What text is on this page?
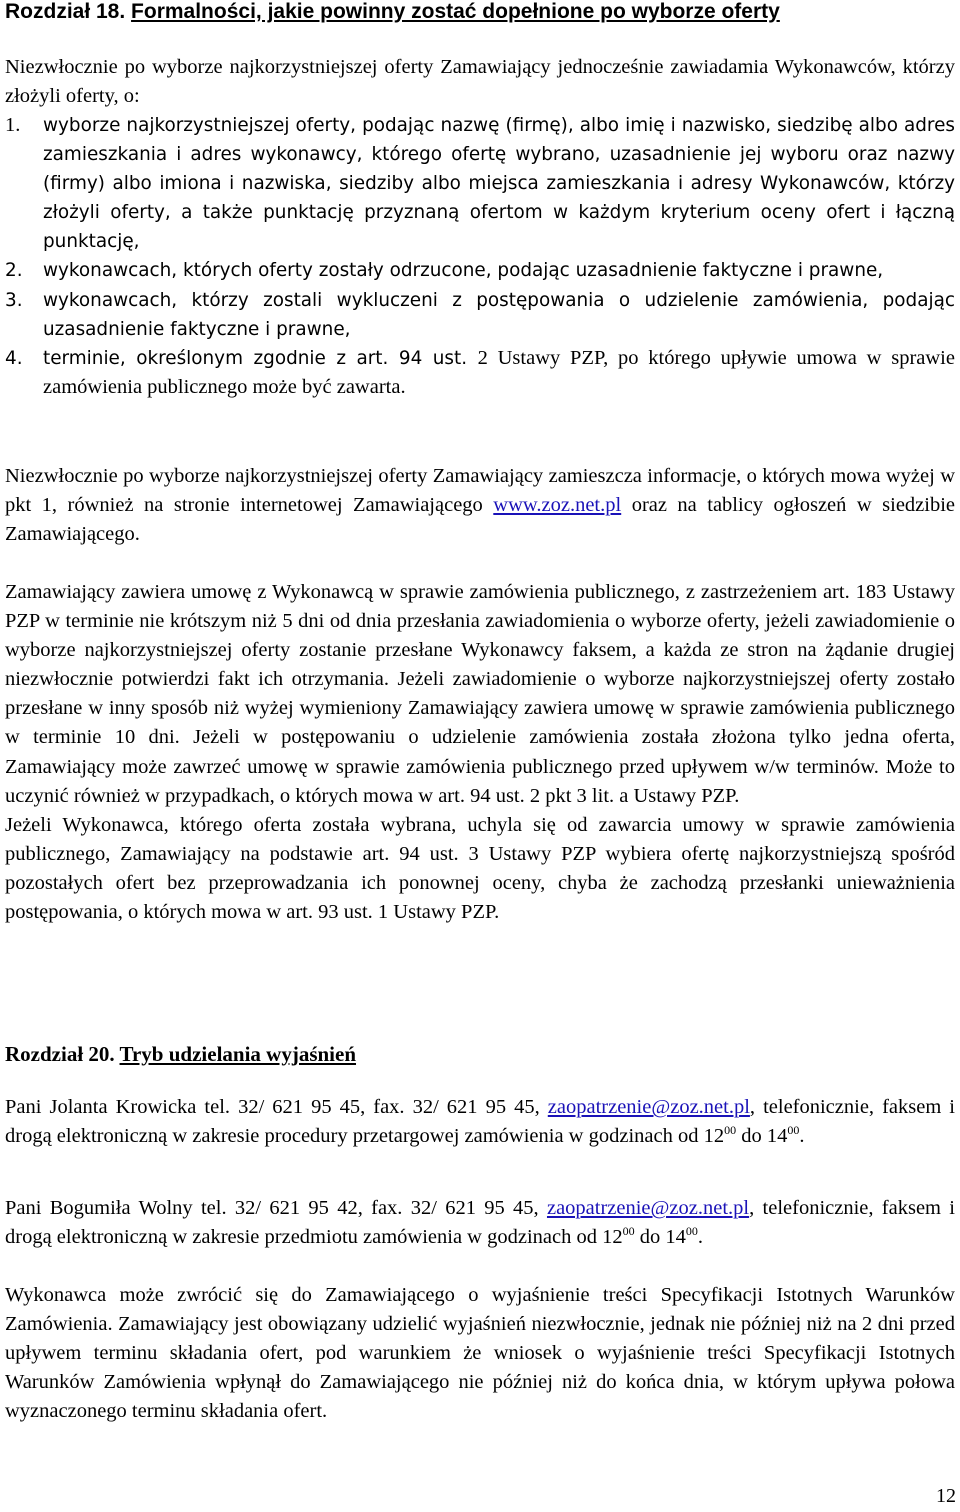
Rozdział 18. Formalności, jakie powinny zostać dopełnione po wyborze oferty

Niezwłocznie po wyborze najkorzystniejszej oferty Zamawiający jednocześnie zawiadamia Wykonawców, którzy złożyli oferty, o:

1. wyborze najkorzystniejszej oferty, podając nazwę (firmę), albo imię i nazwisko, siedzibę albo adres zamieszkania i adres wykonawcy, którego ofertę wybrano, uzasadnienie jej wyboru oraz nazwy (firmy) albo imiona i nazwiska, siedziby albo miejsca zamieszkania i adresy Wykonawców, którzy złożyli oferty, a także punktację przyznaną ofertom w każdym kryterium oceny ofert i łączną punktację,
2. wykonawcach, których oferty zostały odrzucone, podając uzasadnienie faktyczne i prawne,
3. wykonawcach, którzy zostali wykluczeni z postępowania o udzielenie zamówienia, podając uzasadnienie faktyczne i prawne,
4. terminie, określonym zgodnie z art. 94 ust. 2 Ustawy PZP, po którego upływie umowa w sprawie zamówienia publicznego może być zawarta.

Niezwłocznie po wyborze najkorzystniejszej oferty Zamawiający zamieszcza informacje, o których mowa wyżej w pkt 1, również na stronie internetowej Zamawiającego www.zoz.net.pl oraz na tablicy ogłoszeń w siedzibie Zamawiającego.

Zamawiający zawiera umowę z Wykonawcą w sprawie zamówienia publicznego, z zastrzeżeniem art. 183 Ustawy PZP w terminie nie krótszym niż 5 dni od dnia przesłania zawiadomienia o wyborze oferty, jeżeli zawiadomienie o wyborze najkorzystniejszej oferty zostanie przesłane Wykonawcy faksem, a każda ze stron na żądanie drugiej niezwłocznie potwierdzi fakt ich otrzymania. Jeżeli zawiadomienie o wyborze najkorzystniejszej oferty zostało przesłane w inny sposób niż wyżej wymieniony Zamawiający zawiera umowę w sprawie zamówienia publicznego w terminie 10 dni. Jeżeli w postępowaniu o udzielenie zamówienia została złożona tylko jedna oferta, Zamawiający może zawrzeć umowę w sprawie zamówienia publicznego przed upływem w/w terminów. Może to uczynić również w przypadkach, o których mowa w art. 94 ust. 2 pkt 3 lit. a Ustawy PZP.

Jeżeli Wykonawca, którego oferta została wybrana, uchyla się od zawarcia umowy w sprawie zamówienia publicznego, Zamawiający na podstawie art. 94 ust. 3 Ustawy PZP wybiera ofertę najkorzystniejszą spośród pozostałych ofert bez przeprowadzania ich ponownej oceny, chyba że zachodzą przesłanki unieważnienia postępowania, o których mowa w art. 93 ust. 1 Ustawy PZP.

Rozdział 20. Tryb udzielania wyjaśnień

Pani Jolanta Krowicka tel. 32/ 621 95 45, fax. 32/ 621 95 45, zaopatrzenie@zoz.net.pl, telefonicznie, faksem i drogą elektroniczną w zakresie procedury przetargowej zamówienia w godzinach od $12^{00}$ do $14^{00}$.

Pani Bogumiła Wolny tel. 32/ 621 95 42, fax. 32/ 621 95 45, zaopatrzenie@zoz.net.pl, telefonicznie, faksem i drogą elektroniczną w zakresie przedmiotu zamówienia w godzinach od $12^{00}$ do $14^{00}$.

Wykonawca może zwrócić się do Zamawiającego o wyjaśnienie treści Specyfikacji Istotnych Warunków Zamówienia. Zamawiający jest obowiązany udzielić wyjaśnień niezwłocznie, jednak nie później niż na 2 dni przed upływem terminu składania ofert, pod warunkiem że wniosek o wyjaśnienie treści Specyfikacji Istotnych Warunków Zamówienia wpłynął do Zamawiającego nie później niż do końca dnia, w którym upływa połowa wyznaczonego terminu składania ofert.

12
